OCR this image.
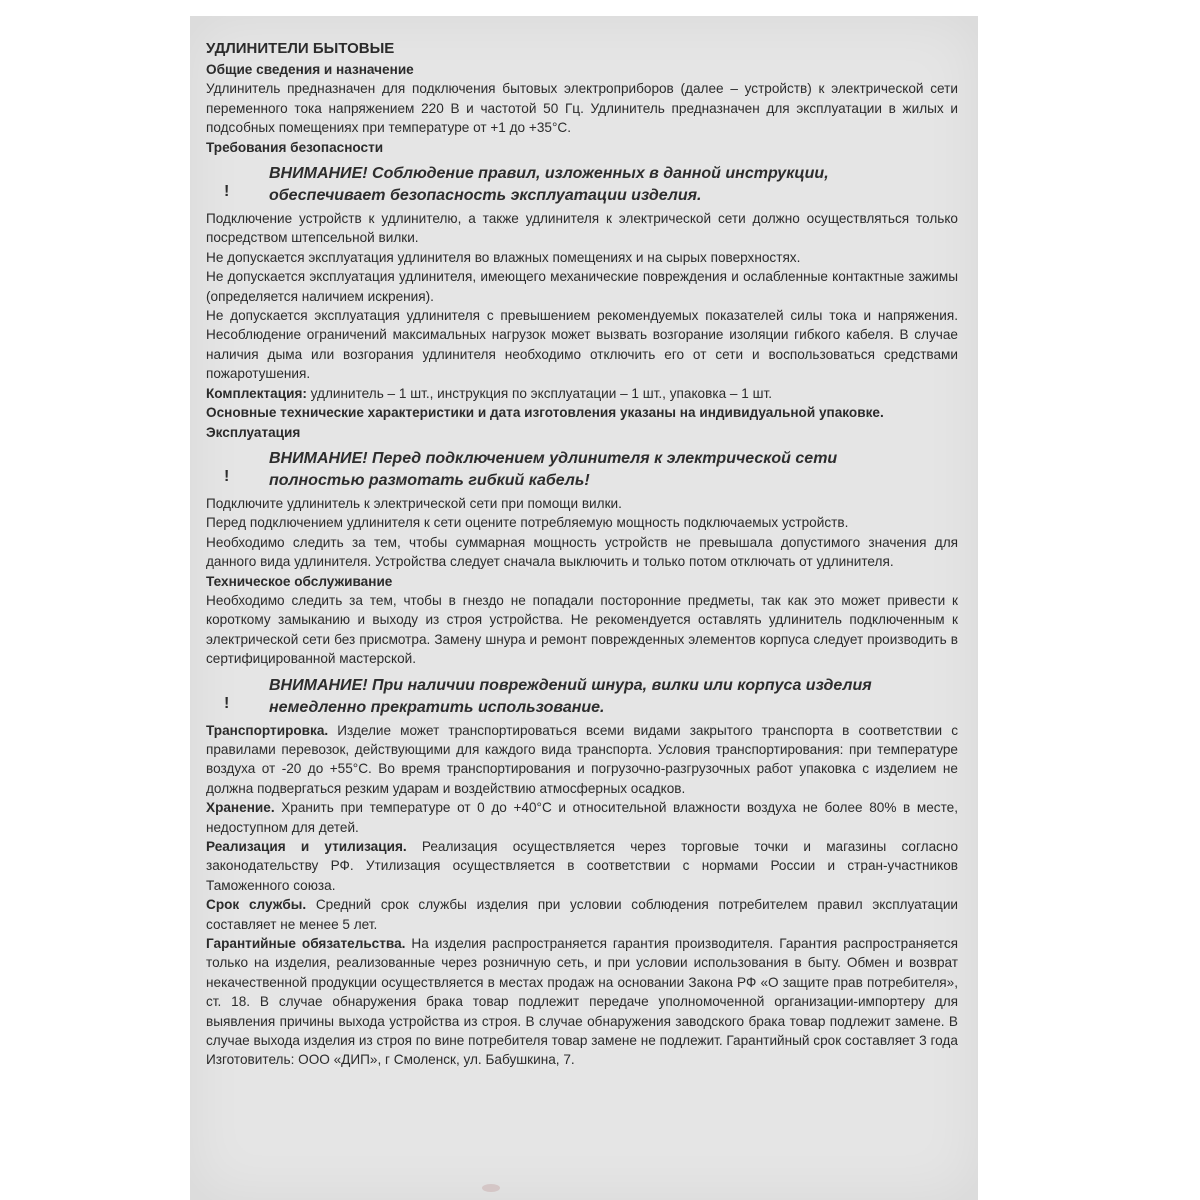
УДЛИНИТЕЛИ БЫТОВЫЕ

Общие сведения и назначение

Удлинитель предназначен для подключения бытовых электроприборов (далее – устройств) к электрической сети переменного тока напряжением 220 В и частотой 50 Гц. Удлинитель предназначен для эксплуатации в жилых и подсобных помещениях при температуре от +1 до +35°С.

Требования безопасности

!
ВНИМАНИЕ! Соблюдение правил, изложенных в данной инструкции,
обеспечивает безопасность эксплуатации изделия.

Подключение устройств к удлинителю, а также удлинителя к электрической сети должно осуществляться только посредством штепсельной вилки.

Не допускается эксплуатация удлинителя во влажных помещениях и на сырых поверхностях.

Не допускается эксплуатация удлинителя, имеющего механические повреждения и ослабленные контактные зажимы (определяется наличием искрения).

Не допускается эксплуатация удлинителя с превышением рекомендуемых показателей силы тока и напряжения. Несоблюдение ограничений максимальных нагрузок может вызвать возгорание изоляции гибкого кабеля. В случае наличия дыма или возгорания удлинителя необходимо отключить его от сети и воспользоваться средствами пожаротушения.

Комплектация: удлинитель – 1 шт., инструкция по эксплуатации – 1 шт., упаковка – 1 шт.

Основные технические характеристики и дата изготовления указаны на индивидуальной упаковке.

Эксплуатация

!
ВНИМАНИЕ! Перед подключением удлинителя к электрической сети
полностью размотать гибкий кабель!

Подключите удлинитель к электрической сети при помощи вилки.

Перед подключением удлинителя к сети оцените потребляемую мощность подключаемых устройств.

Необходимо следить за тем, чтобы суммарная мощность устройств не превышала допустимого значения для данного вида удлинителя. Устройства следует сначала выключить и только потом отключать от удлинителя.

Техническое обслуживание

Необходимо следить за тем, чтобы в гнездо не попадали посторонние предметы, так как это может привести к короткому замыканию и выходу из строя устройства. Не рекомендуется оставлять удлинитель подключенным к электрической сети без присмотра. Замену шнура и ремонт поврежденных элементов корпуса следует производить в сертифицированной мастерской.

!
ВНИМАНИЕ! При наличии повреждений шнура, вилки или корпуса изделия
немедленно прекратить использование.

Транспортировка. Изделие может транспортироваться всеми видами закрытого транспорта в соответствии с правилами перевозок, действующими для каждого вида транспорта. Условия транспортирования: при температуре воздуха от -20 до +55°С. Во время транспортирования и погрузочно-разгрузочных работ упаковка с изделием не должна подвергаться резким ударам и воздействию атмосферных осадков.

Хранение. Хранить при температуре от 0 до +40°С и относительной влажности воздуха не более 80% в месте, недоступном для детей.

Реализация и утилизация. Реализация осуществляется через торговые точки и магазины согласно законодательству РФ. Утилизация осуществляется в соответствии с нормами России и стран-участников Таможенного союза.

Срок службы. Средний срок службы изделия при условии соблюдения потребителем правил эксплуатации составляет не менее 5 лет.

Гарантийные обязательства. На изделия распространяется гарантия производителя. Гарантия распространяется только на изделия, реализованные через розничную сеть, и при условии использования в быту. Обмен и возврат некачественной продукции осуществляется в местах продаж на основании Закона РФ «О защите прав потребителя», ст. 18. В случае обнаружения брака товар подлежит передаче уполномоченной организации-импортеру для выявления причины выхода устройства из строя. В случае обнаружения заводского брака товар подлежит замене. В случае выхода изделия из строя по вине потребителя товар замене не подлежит. Гарантийный срок составляет 3 года

Изготовитель: ООО «ДИП», г Смоленск, ул. Бабушкина, 7.
